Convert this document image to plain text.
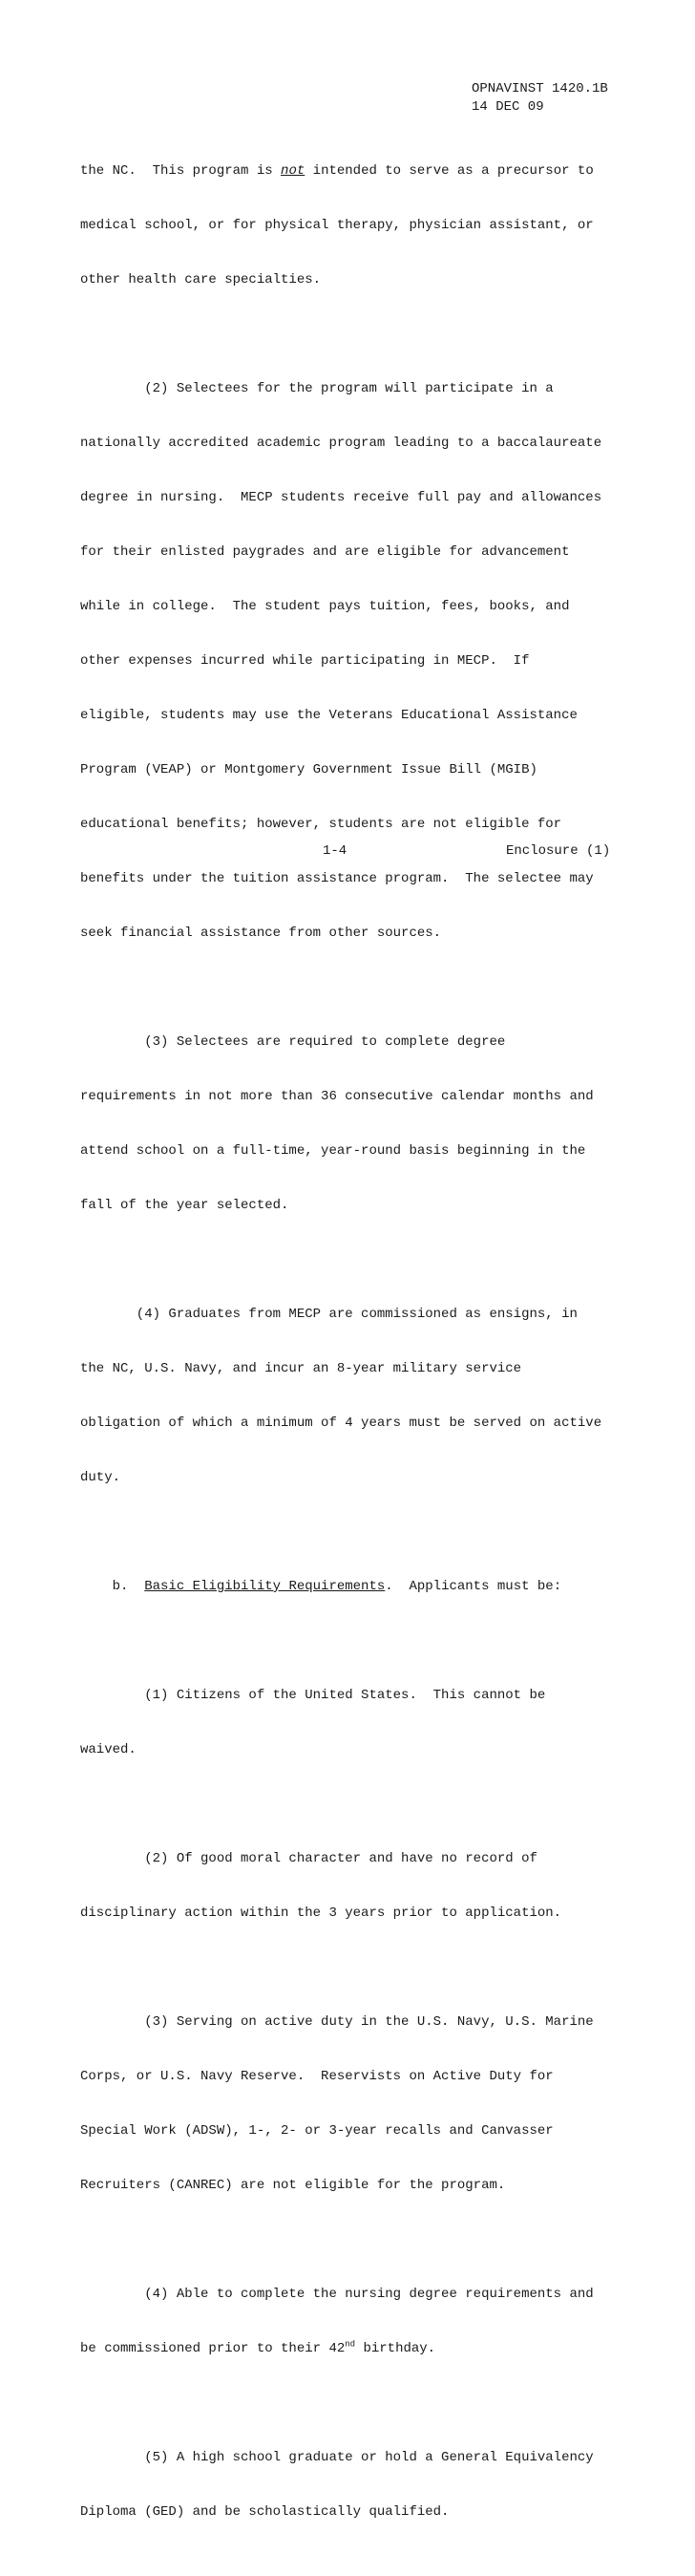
OPNAVINST 1420.1B
14 DEC 09

the NC.  This program is not intended to serve as a precursor to

medical school, or for physical therapy, physician assistant, or

other health care specialties.

(2) Selectees for the program will participate in a

nationally accredited academic program leading to a baccalaureate

degree in nursing.  MECP students receive full pay and allowances

for their enlisted paygrades and are eligible for advancement

while in college.  The student pays tuition, fees, books, and

other expenses incurred while participating in MECP.  If

eligible, students may use the Veterans Educational Assistance

Program (VEAP) or Montgomery Government Issue Bill (MGIB)

educational benefits; however, students are not eligible for

benefits under the tuition assistance program.  The selectee may

seek financial assistance from other sources.

(3) Selectees are required to complete degree

requirements in not more than 36 consecutive calendar months and

attend school on a full-time, year-round basis beginning in the

fall of the year selected.

(4) Graduates from MECP are commissioned as ensigns, in

the NC, U.S. Navy, and incur an 8-year military service

obligation of which a minimum of 4 years must be served on active

duty.

b.  Basic Eligibility Requirements.  Applicants must be:

(1) Citizens of the United States.  This cannot be

waived.

(2) Of good moral character and have no record of

disciplinary action within the 3 years prior to application.

(3) Serving on active duty in the U.S. Navy, U.S. Marine

Corps, or U.S. Navy Reserve.  Reservists on Active Duty for

Special Work (ADSW), 1-, 2- or 3-year recalls and Canvasser

Recruiters (CANREC) are not eligible for the program.

(4) Able to complete the nursing degree requirements and

be commissioned prior to their 42nd birthday.

(5) A high school graduate or hold a General Equivalency

Diploma (GED) and be scholastically qualified.

1-4	Enclosure (1)
